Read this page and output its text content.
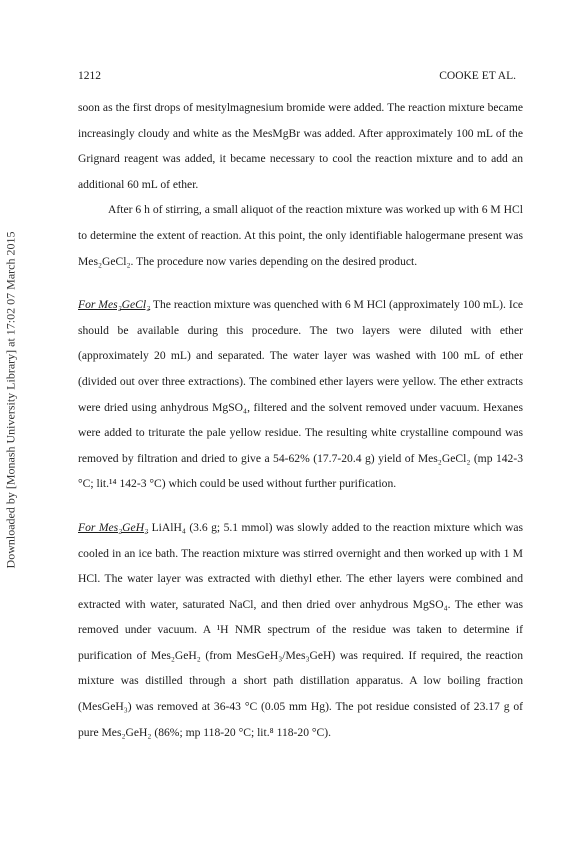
1212	COOKE ET AL.
Downloaded by [Monash University Library] at 17:02 07 March 2015

soon as the first drops of mesitylmagnesium bromide were added. The reaction mixture became increasingly cloudy and white as the MesMgBr was added. After approximately 100 mL of the Grignard reagent was added, it became necessary to cool the reaction mixture and to add an additional 60 mL of ether.

After 6 h of stirring, a small aliquot of the reaction mixture was worked up with 6 M HCl to determine the extent of reaction. At this point, the only identifiable halogermane present was Mes₂GeCl₂. The procedure now varies depending on the desired product.

For Mes₂GeCl₂ The reaction mixture was quenched with 6 M HCl (approximately 100 mL). Ice should be available during this procedure. The two layers were diluted with ether (approximately 20 mL) and separated. The water layer was washed with 100 mL of ether (divided out over three extractions). The combined ether layers were yellow. The ether extracts were dried using anhydrous MgSO₄, filtered and the solvent removed under vacuum. Hexanes were added to triturate the pale yellow residue. The resulting white crystalline compound was removed by filtration and dried to give a 54-62% (17.7-20.4 g) yield of Mes₂GeCl₂ (mp 142-3 °C; lit.¹⁴ 142-3 °C) which could be used without further purification.

For Mes₂GeH₂ LiAlH₄ (3.6 g; 5.1 mmol) was slowly added to the reaction mixture which was cooled in an ice bath. The reaction mixture was stirred overnight and then worked up with 1 M HCl. The water layer was extracted with diethyl ether. The ether layers were combined and extracted with water, saturated NaCl, and then dried over anhydrous MgSO₄. The ether was removed under vacuum. A ¹H NMR spectrum of the residue was taken to determine if purification of Mes₂GeH₂ (from MesGeH₃/Mes₃GeH) was required. If required, the reaction mixture was distilled through a short path distillation apparatus. A low boiling fraction (MesGeH₃) was removed at 36-43 °C (0.05 mm Hg). The pot residue consisted of 23.17 g of pure Mes₂GeH₂ (86%; mp 118-20 °C; lit.⁸ 118-20 °C).
